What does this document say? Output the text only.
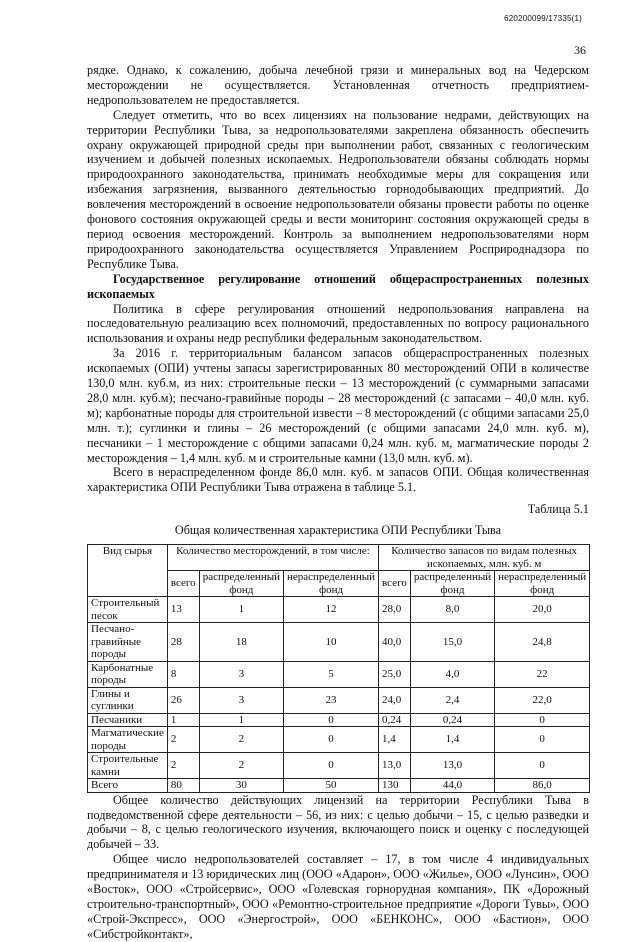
620200099/17335(1)
36

рядке. Однако, к сожалению, добыча лечебной грязи и минеральных вод на Чедерском месторождении не осуществляется. Установленная отчетность предприятием-недропользователем не предоставляется.

Следует отметить, что во всех лицензиях на пользование недрами, действующих на территории Республики Тыва, за недропользователями закреплена обязанность обеспечить охрану окружающей природной среды при выполнении работ, связанных с геологическим изучением и добычей полезных ископаемых. Недропользователи обязаны соблюдать нормы природоохранного законодательства, принимать необходимые меры для сокращения или избежания загрязнения, вызванного деятельностью горнодобывающих предприятий. До вовлечения месторождений в освоение недропользователи обязаны провести работы по оценке фонового состояния окружающей среды и вести мониторинг состояния окружающей среды в период освоения месторождений. Контроль за выполнением недропользователями норм природоохранного законодательства осуществляется Управлением Росприроднадзора по Республике Тыва.

Государственное регулирование отношений общераспространенных полезных ископаемых

Политика в сфере регулирования отношений недропользования направлена на последовательную реализацию всех полномочий, предоставленных по вопросу рационального использования и охраны недр республики федеральным законодательством.

За 2016 г. территориальным балансом запасов общераспространенных полезных ископаемых (ОПИ) учтены запасы зарегистрированных 80 месторождений ОПИ в количестве 130,0 млн. куб.м, из них: строительные пески – 13 месторождений (с суммарными запасами 28,0 млн. куб.м); песчано-гравийные породы – 28 месторождений (с запасами – 40,0 млн. куб. м); карбонатные породы для строительной извести – 8 месторождений (с общими запасами 25,0 млн. т.); суглинки и глины – 26 месторождений (с общими запасами 24,0 млн. куб. м), песчаники – 1 месторождение с общими запасами 0,24 млн. куб. м, магматические породы 2 месторождения – 1,4 млн. куб. м и строительные камни (13,0 млн. куб. м).

Всего в нераспределенном фонде 86,0 млн. куб. м запасов ОПИ. Общая количественная характеристика ОПИ Республики Тыва отражена в таблице 5.1.

Таблица 5.1
Общая количественная характеристика ОПИ Республики Тыва
Вид сырья	Количество месторождений, в том числе:			Количество запасов по видам полезных ископаемых, млн. куб. м		
	всего	распределенный фонд	нераспределенный фонд	всего	распределенный фонд	нераспределенный фонд
Строительный песок	13	1	12	28,0	8,0	20,0
Песчано-гравийные породы	28	18	10	40,0	15,0	24,8
Карбонатные породы	8	3	5	25,0	4,0	22
Глины и суглинки	26	3	23	24,0	2,4	22,0
Песчаники	1	1	0	0,24	0,24	0
Магматические породы	2	2	0	1,4	1,4	0
Строительные камни	2	2	0	13,0	13,0	0
Всего	80	30	50	130	44,0	86,0

Общее количество действующих лицензий на территории Республики Тыва в подведомственной сфере деятельности – 56, из них: с целью добычи – 15, с целью разведки и добычи – 8, с целью геологического изучения, включающего поиск и оценку с последующей добычей – 33.

Общее число недропользователей составляет – 17, в том числе 4 индивидуальных предпринимателя и 13 юридических лиц (ООО «Адарон», ООО «Жилье», ООО «Лунсин», ООО «Восток», ООО «Стройсервис», ООО «Голевская горнорудная компания», ПК «Дорожный строительно-транспортный», ООО «Ремонтно-строительное предприятие «Дороги Тувы», ООО «Строй-Экспресс», ООО «Энергострой», ООО «БЕНКОНС», ООО «Бастион», ООО «Сибстройконтакт»,
